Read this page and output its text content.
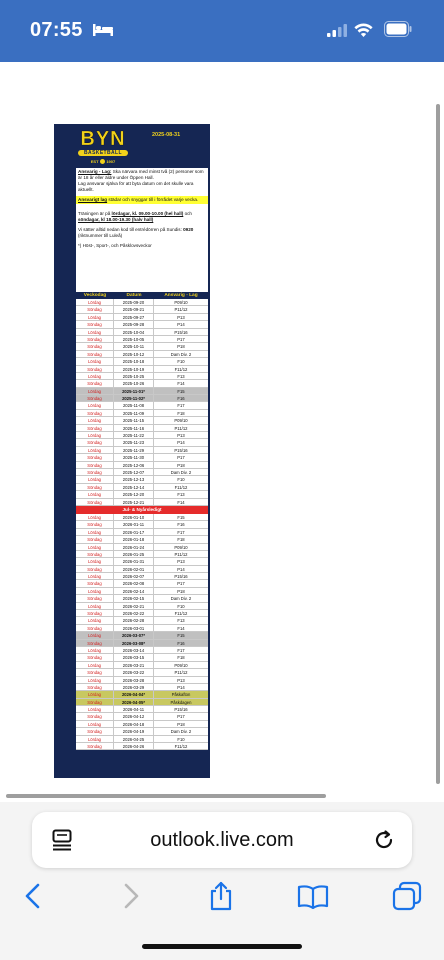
07:55
BYN
BASKETBALL
EST 1907
2025-08-31

Ansvarig - Lag: Ska närvara med minst två (2) personer som är 18 år eller äldre under Öppen Hall.

Lag ansvarar själva för att byta datum om det skulle vara aktuellt.

Ansvarigt lag städar och snyggar till i förrådet varje vecka.

Träningen är på lördagar, kl. 09.00-10.00 (hel hall) och söndagar, kl 18.00-19.30 (halv hall)

Vi sätter alltid nedan kod till entrédörren på Sundis: 0920 (riktnummer till Luleå)

*) Höst-, Sport-, och Påsklovsveckor

Veckodag	Datum	Ansvarig - Lag
Lördag	2025-09-20	P09/10
Söndag	2025-09-21	P11/12
Lördag	2025-09-27	P13
Söndag	2025-09-28	P14
Lördag	2025-10-04	P15/16
Söndag	2025-10-05	P17
Söndag	2025-10-11	P18
Söndag	2025-10-12	Dam Div. 2
Lördag	2025-10-18	F10
Söndag	2025-10-19	F11/12
Lördag	2025-10-25	F13
Söndag	2025-10-26	F14
Lördag	2025-11-01*	F15
Söndag	2025-11-02*	F16
Lördag	2025-11-08	F17
Söndag	2025-11-09	F18
Lördag	2025-11-15	P09/10
Söndag	2025-11-16	P11/12
Lördag	2025-11-22	P13
Söndag	2025-11-23	P14
Lördag	2025-11-29	P15/16
Söndag	2025-11-30	P17
Söndag	2025-12-06	P18
Söndag	2025-12-07	Dam Div. 2
Lördag	2025-12-13	F10
Söndag	2025-12-14	F11/12
Lördag	2025-12-20	F13
Söndag	2025-12-21	F14
Jul- & Nyårsledigt
Lördag	2026-01-10	F15
Söndag	2026-01-11	F16
Lördag	2026-01-17	F17
Söndag	2026-01-18	F18
Lördag	2026-01-24	P09/10
Söndag	2026-01-25	P11/12
Lördag	2026-01-31	P13
Söndag	2026-02-01	P14
Lördag	2026-02-07	P15/16
Söndag	2026-02-08	P17
Lördag	2026-02-14	P18
Söndag	2026-02-15	Dam Div. 2
Lördag	2026-02-21	F10
Söndag	2026-02-22	F11/12
Lördag	2026-02-28	F13
Söndag	2026-03-01	F14
Lördag	2026-03-07*	F15
Söndag	2026-03-08*	F16
Lördag	2026-03-14	F17
Söndag	2026-03-15	F18
Lördag	2026-03-21	P09/10
Söndag	2026-03-22	P11/12
Lördag	2026-03-28	P13
Söndag	2026-03-29	P14
Lördag	2026-04-04*	Påskafton
Söndag	2026-04-05*	Påskdagen
Lördag	2026-04-11	P15/16
Söndag	2026-04-12	P17
Lördag	2026-04-18	P18
Söndag	2026-04-19	Dam Div. 2
Lördag	2026-04-25	F10
Söndag	2026-04-26	F11/12
outlook.live.com
